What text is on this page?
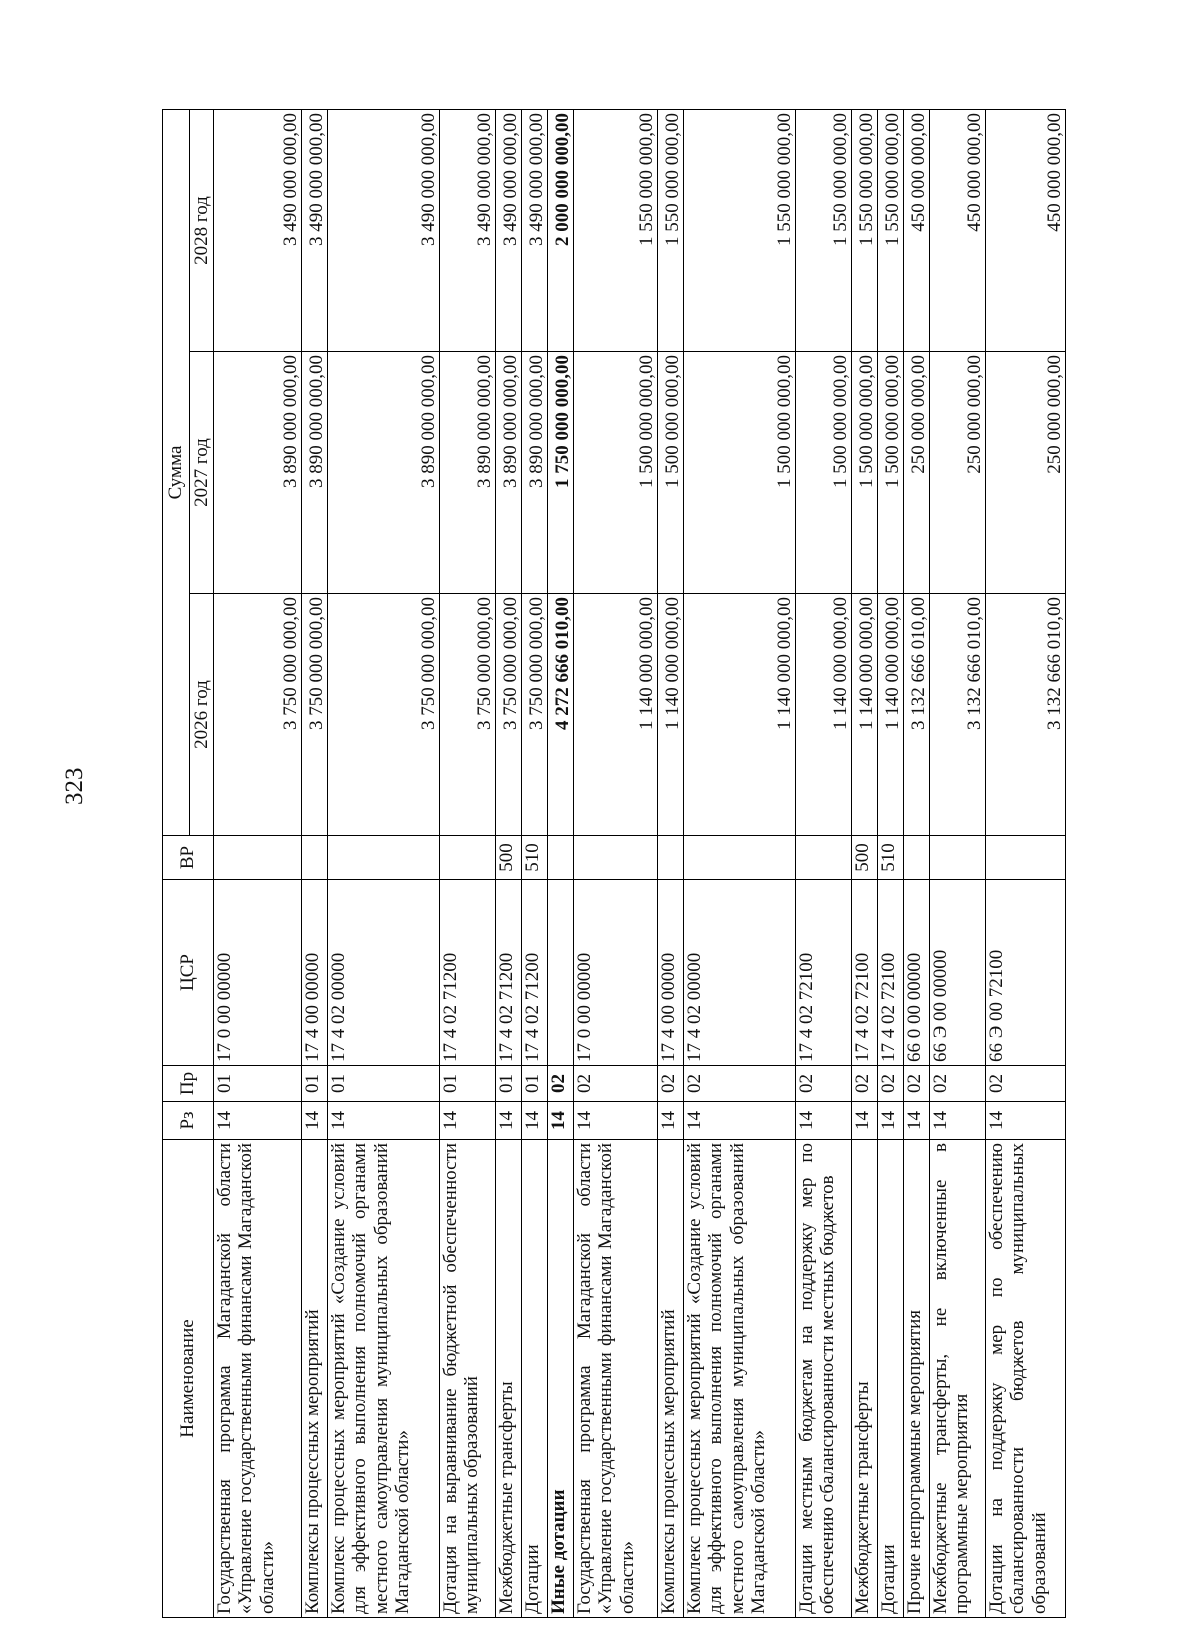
323
Наименование	Рз	Пр	ЦСР	ВР	Сумма		
					2026 год	2027 год	2028 год
Государственная программа Магаданской области «Управление государственными финансами Магаданской области»	14	01	17 0 00 00000		3 750 000 000,00	3 890 000 000,00	3 490 000 000,00
Комплексы процессных мероприятий	14	01	17 4 00 00000		3 750 000 000,00	3 890 000 000,00	3 490 000 000,00
Комплекс процессных мероприятий «Создание условий для эффективного выполнения полномочий органами местного самоуправления муниципальных образований Магаданской области»	14	01	17 4 02 00000		3 750 000 000,00	3 890 000 000,00	3 490 000 000,00
Дотация на выравнивание бюджетной обеспеченности муниципальных образований	14	01	17 4 02 71200		3 750 000 000,00	3 890 000 000,00	3 490 000 000,00
Межбюджетные трансферты	14	01	17 4 02 71200	500	3 750 000 000,00	3 890 000 000,00	3 490 000 000,00
Дотации	14	01	17 4 02 71200	510	3 750 000 000,00	3 890 000 000,00	3 490 000 000,00
Иные дотации	14	02			4 272 666 010,00	1 750 000 000,00	2 000 000 000,00
Государственная программа Магаданской области «Управление государственными финансами Магаданской области»	14	02	17 0 00 00000		1 140 000 000,00	1 500 000 000,00	1 550 000 000,00
Комплексы процессных мероприятий	14	02	17 4 00 00000		1 140 000 000,00	1 500 000 000,00	1 550 000 000,00
Комплекс процессных мероприятий «Создание условий для эффективного выполнения полномочий органами местного самоуправления муниципальных образований Магаданской области»	14	02	17 4 02 00000		1 140 000 000,00	1 500 000 000,00	1 550 000 000,00
Дотации местным бюджетам на поддержку мер по обеспечению сбалансированности местных бюджетов	14	02	17 4 02 72100		1 140 000 000,00	1 500 000 000,00	1 550 000 000,00
Межбюджетные трансферты	14	02	17 4 02 72100	500	1 140 000 000,00	1 500 000 000,00	1 550 000 000,00
Дотации	14	02	17 4 02 72100	510	1 140 000 000,00	1 500 000 000,00	1 550 000 000,00
Прочие непрограммные мероприятия	14	02	66 0 00 00000		3 132 666 010,00	250 000 000,00	450 000 000,00
Межбюджетные трансферты, не включенные в программные мероприятия	14	02	66 Э 00 00000		3 132 666 010,00	250 000 000,00	450 000 000,00
Дотации на поддержку мер по обеспечению сбалансированности бюджетов муниципальных образований	14	02	66 Э 00 72100		3 132 666 010,00	250 000 000,00	450 000 000,00
